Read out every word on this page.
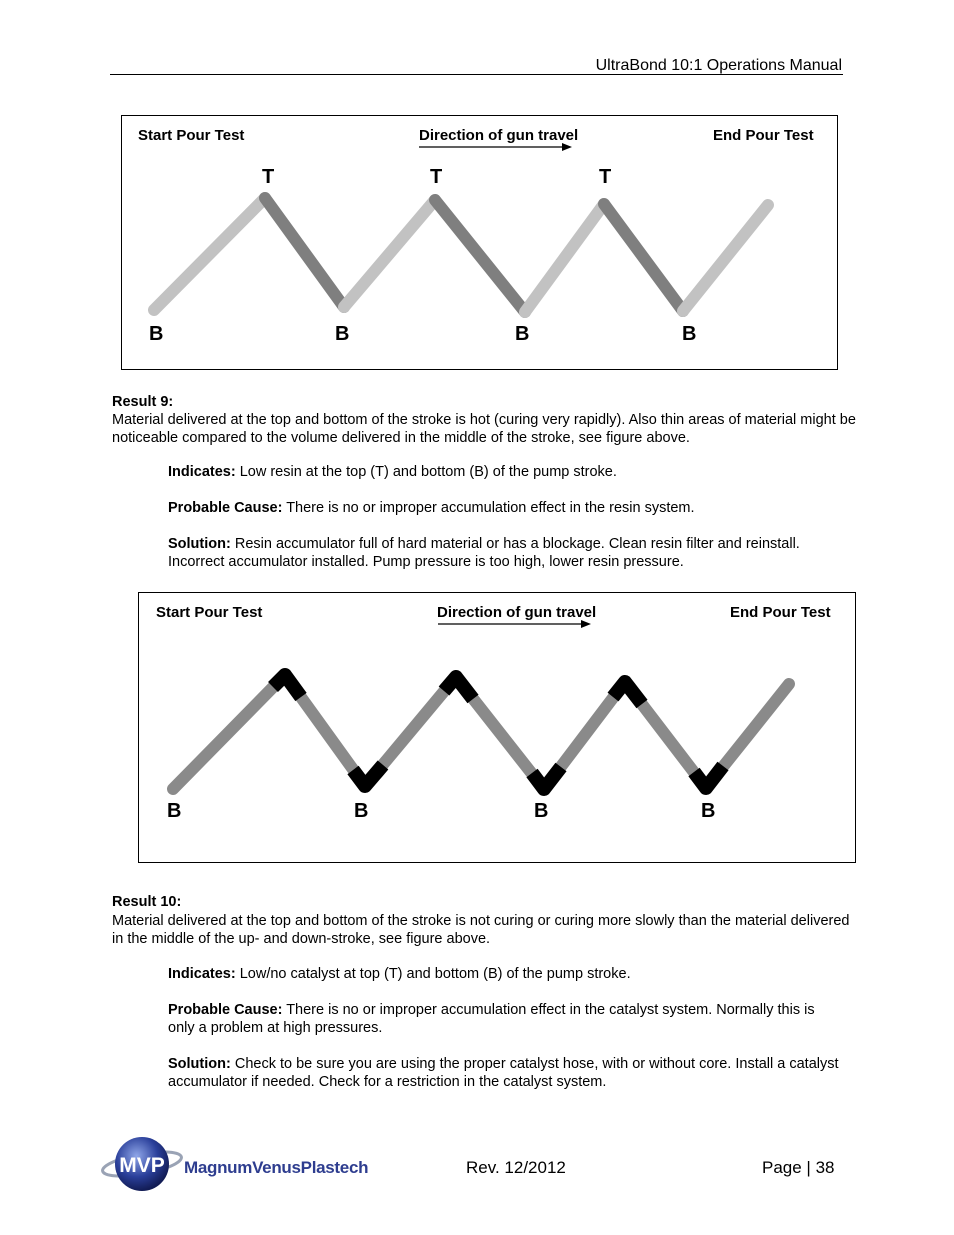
UltraBond 10:1 Operations Manual
Start Pour Test	Direction of gun travel	End Pour Test
T	T	T
B	B	B	B
Result 9:
Material delivered at the top and bottom of the stroke is hot (curing very rapidly). Also thin areas of material might be noticeable compared to the volume delivered in the middle of the stroke, see figure above.
Indicates: Low resin at the top (T) and bottom (B) of the pump stroke.
Probable Cause: There is no or improper accumulation effect in the resin system.
Solution: Resin accumulator full of hard material or has a blockage. Clean resin filter and reinstall. Incorrect accumulator installed. Pump pressure is too high, lower resin pressure.
Start Pour Test	Direction of gun travel	End Pour Test
B	B	B	B
Result 10:
Material delivered at the top and bottom of the stroke is not curing or curing more slowly than the material delivered in the middle of the up- and down-stroke, see figure above.
Indicates: Low/no catalyst at top (T) and bottom (B) of the pump stroke.
Probable Cause: There is no or improper accumulation effect in the catalyst system. Normally this is only a problem at high pressures.
Solution: Check to be sure you are using the proper catalyst hose, with or without core. Install a catalyst accumulator if needed. Check for a restriction in the catalyst system.
MVP MagnumVenusPlastech	Rev. 12/2012	Page | 38
